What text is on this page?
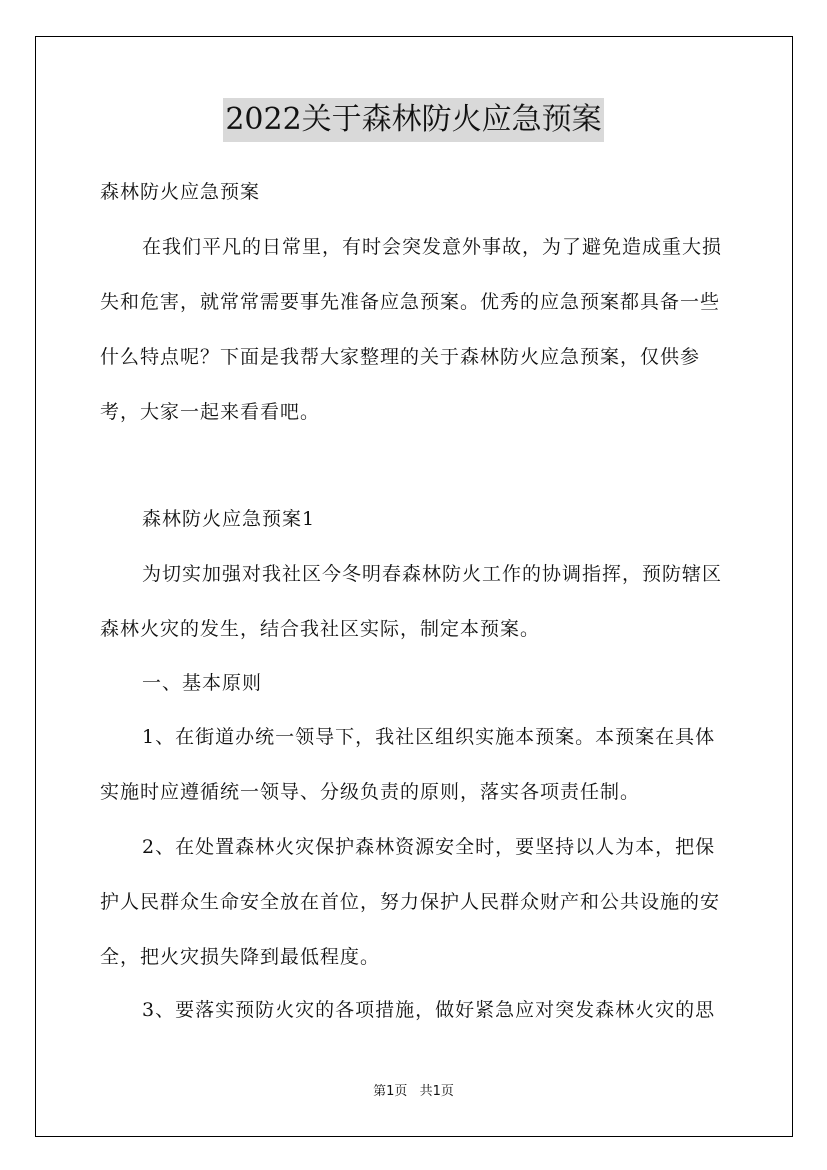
2022关于森林防火应急预案

森林防火应急预案

在我们平凡的日常里，有时会突发意外事故，为了避免造成重大损失和危害，就常常需要事先准备应急预案。优秀的应急预案都具备一些什么特点呢？下面是我帮大家整理的关于森林防火应急预案，仅供参考，大家一起来看看吧。

森林防火应急预案1

为切实加强对我社区今冬明春森林防火工作的协调指挥，预防辖区森林火灾的发生，结合我社区实际，制定本预案。

一、基本原则

1、在街道办统一领导下，我社区组织实施本预案。本预案在具体实施时应遵循统一领导、分级负责的原则，落实各项责任制。

2、在处置森林火灾保护森林资源安全时，要坚持以人为本，把保护人民群众生命安全放在首位，努力保护人民群众财产和公共设施的安全，把火灾损失降到最低程度。

3、要落实预防火灾的各项措施，做好紧急应对突发森林火灾的思

第1页 共1页
